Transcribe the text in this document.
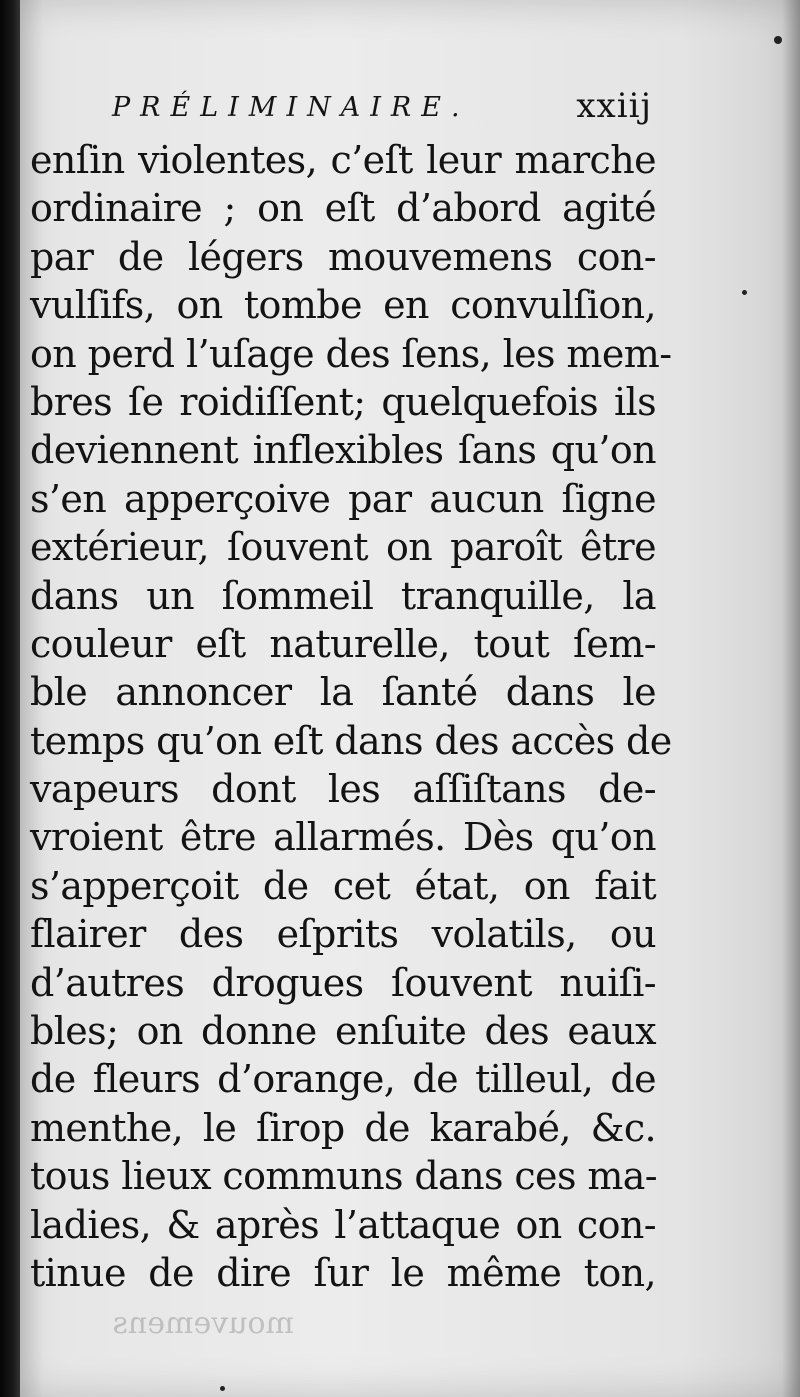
PRÉLIMINAIRE.	xxiij
enſin violentes, c’eſt leur marche
ordinaire ; on eſt d’abord agité
par de légers mouvemens con-
vulſifs, on tombe en convulſion,
on perd l’uſage des ſens, les mem-
bres ſe roidiſſent; quelquefois ils
deviennent inflexibles ſans qu’on
s’en apperçoive par aucun ſigne
extérieur, ſouvent on paroît être
dans un ſommeil tranquille, la
couleur eſt naturelle, tout ſem-
ble annoncer la ſanté dans le
temps qu’on eſt dans des accès de
vapeurs dont les aſſiſtans de-
vroient être allarmés. Dès qu’on
s’apperçoit de cet état, on fait
flairer des eſprits volatils, ou
d’autres drogues ſouvent nuiſi-
bles; on donne enſuite des eaux
de fleurs d’orange, de tilleul, de
menthe, le ſirop de karabé, &c.
tous lieux communs dans ces ma-
ladies, & après l’attaque on con-
tinue de dire ſur le même ton,
mouvemens
